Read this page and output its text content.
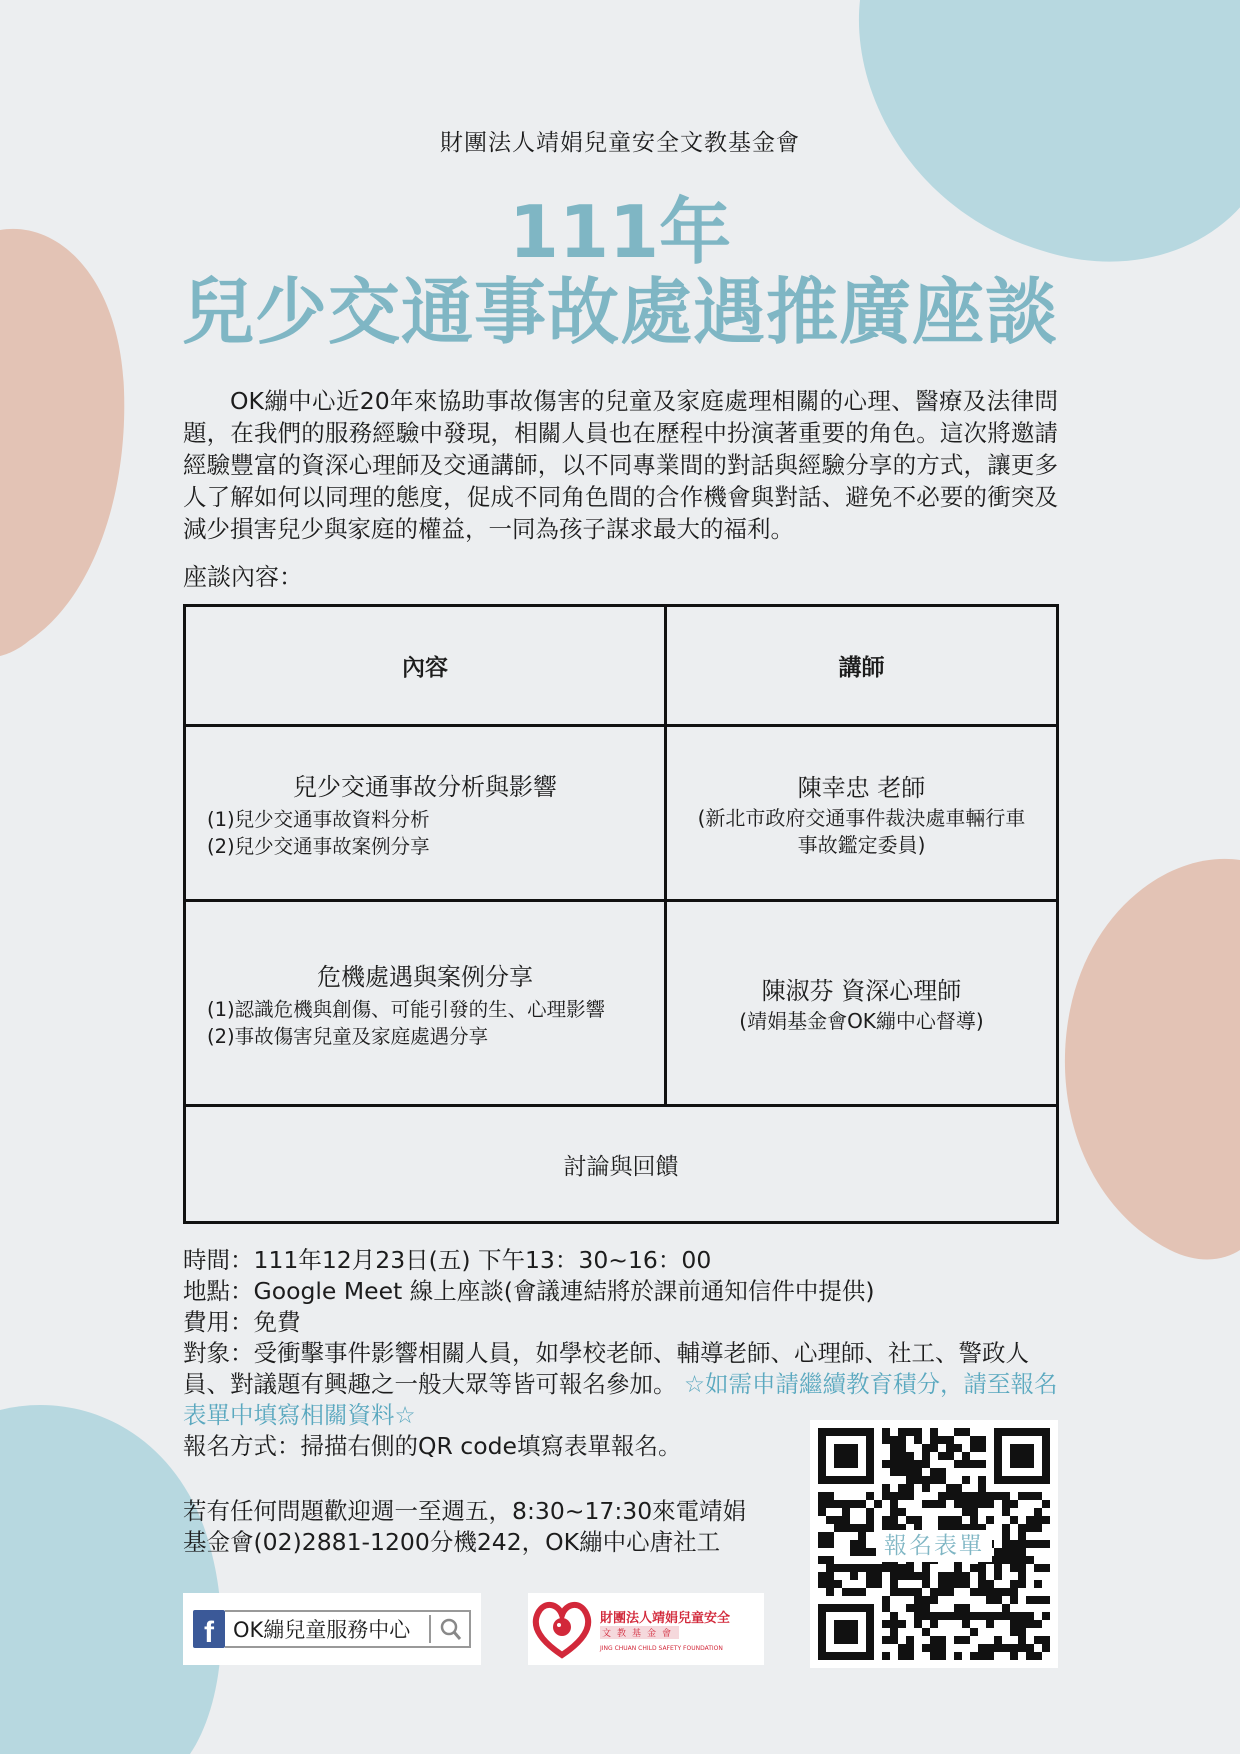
財團法人靖娟兒童安全文教基金會

111年
兒少交通事故處遇推廣座談

OK繃中心近20年來協助事故傷害的兒童及家庭處理相關的心理、醫療及法律問題，在我們的服務經驗中發現，相關人員也在歷程中扮演著重要的角色。這次將邀請經驗豐富的資深心理師及交通講師，以不同專業間的對話與經驗分享的方式，讓更多人了解如何以同理的態度，促成不同角色間的合作機會與對話、避免不必要的衝突及減少損害兒少與家庭的權益，一同為孩子謀求最大的福利。

座談內容：

內容	講師

兒少交通事故分析與影響
(1)兒少交通事故資料分析
(2)兒少交通事故案例分享	陳幸忠 老師
(新北市政府交通事件裁決處車輛行車事故鑑定委員)

危機處遇與案例分享
(1)認識危機與創傷、可能引發的生、心理影響
(2)事故傷害兒童及家庭處遇分享	陳淑芬 資深心理師
(靖娟基金會OK繃中心督導)

討論與回饋	

時間：111年12月23日(五) 下午13：30~16：00

地點：Google Meet 線上座談(會議連結將於課前通知信件中提供)

費用：免費

對象：受衝擊事件影響相關人員，如學校老師、輔導老師、心理師、社工、警政人員、對議題有興趣之一般大眾等皆可報名參加。 ☆如需申請繼續教育積分，請至報名表單中填寫相關資料☆

報名方式：掃描右側的QR code填寫表單報名。

若有任何問題歡迎週一至週五，8:30~17:30來電靖娟

基金會(02)2881-1200分機242，OK繃中心唐社工

f OK繃兒童服務中心	財團法人靖娟兒童安全
文教基金會
JING CHUAN CHILD SAFETY FOUNDATION
報名表單
